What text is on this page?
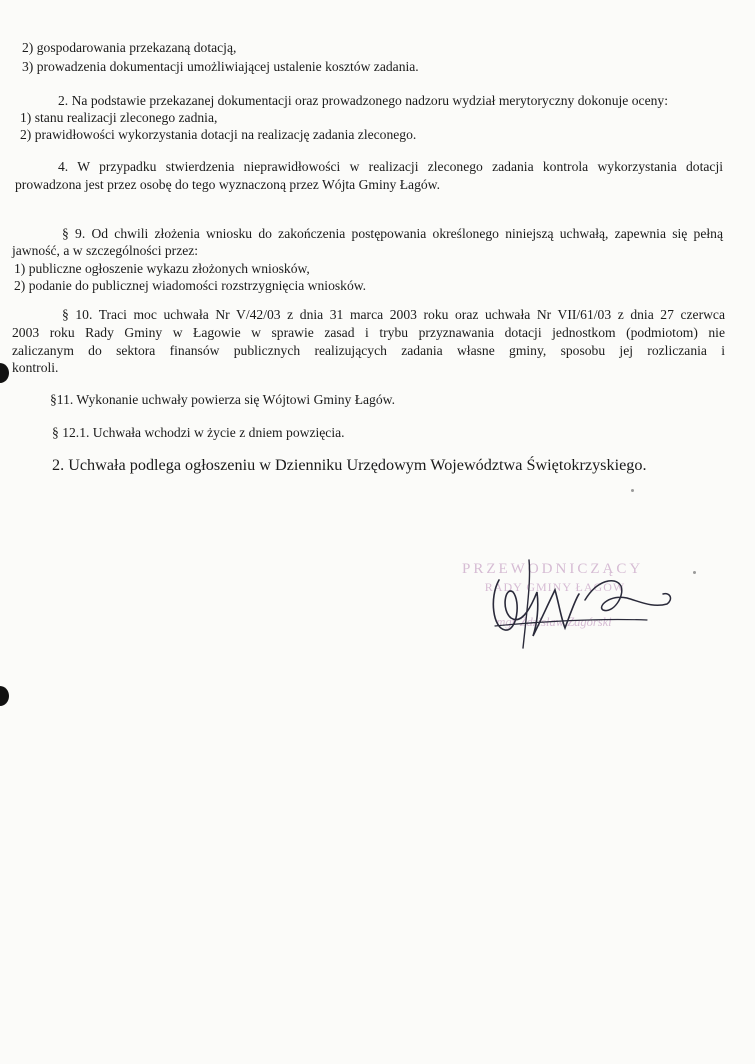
2) gospodarowania przekazaną dotacją,
3) prowadzenia dokumentacji umożliwiającej ustalenie kosztów zadania.
2. Na podstawie przekazanej dokumentacji oraz prowadzonego nadzoru wydział merytoryczny dokonuje oceny:
1) stanu realizacji zleconego zadnia,
2) prawidłowości wykorzystania dotacji na realizację zadania zleconego.
4. W przypadku stwierdzenia nieprawidłowości w realizacji zleconego zadania kontrola wykorzystania dotacji
prowadzona jest przez osobę do tego wyznaczoną przez Wójta Gminy Łagów.
§ 9. Od chwili złożenia wniosku do zakończenia postępowania określonego niniejszą uchwałą, zapewnia się pełną
jawność, a w szczególności przez:
1) publiczne ogłoszenie wykazu złożonych wniosków,
2) podanie do publicznej wiadomości rozstrzygnięcia wniosków.
§ 10. Traci moc uchwała Nr V/42/03 z dnia 31 marca 2003 roku oraz uchwała Nr VII/61/03 z dnia 27 czerwca
2003 roku Rady Gminy w Łagowie w sprawie zasad i trybu przyznawania dotacji jednostkom (podmiotom) nie
zaliczanym do sektora finansów publicznych realizujących zadania własne gminy, sposobu jej rozliczania i
kontroli.
§11. Wykonanie uchwały powierza się Wójtowi Gminy Łagów.
§ 12.1. Uchwała wchodzi w życie z dniem powzięcia.
2. Uchwała podlega ogłoszeniu w Dzienniku Urzędowym Województwa Świętokrzyskiego.
PRZEWODNICZĄCY
RADY GMINY ŁAGÓW
mgr Zdzisław Zagórski
